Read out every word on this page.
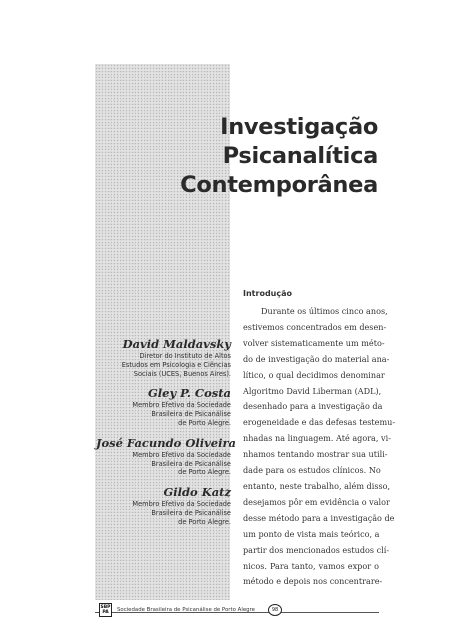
Investigação
Psicanalítica
Contemporânea
David Maldavsky
Diretor do Instituto de Altos
Estudos em Psicologia e Ciências
Sociais (UCES, Buenos Aires).
Gley P. Costa
Membro Efetivo da Sociedade
Brasileira de Psicanálise
de Porto Alegre.
José Facundo Oliveira
Membro Efetivo da Sociedade
Brasileira de Psicanálise
de Porto Alegre.
Gildo Katz
Membro Efetivo da Sociedade
Brasileira de Psicanálise
de Porto Alegre.
Introdução
Durante os últimos cinco anos,
estivemos concentrados em desen-
volver sistematicamente um méto-
do de investigação do material ana-
lítico, o qual decidimos denominar
Algoritmo David Liberman (ADL),
desenhado para a investigação da
erogeneidade e das defesas testemu-
nhadas na linguagem. Até agora, vi-
nhamos tentando mostrar sua utili-
dade para os estudos clínicos. No
entanto, neste trabalho, além disso,
desejamos pôr em evidência o valor
desse método para a investigação de
um ponto de vista mais teórico, a
partir dos mencionados estudos clí-
nicos. Para tanto, vamos expor o
método e depois nos concentrare-
SBP
PA	Sociedade Brasileira de Psicanálise de Porto Alegre	98
